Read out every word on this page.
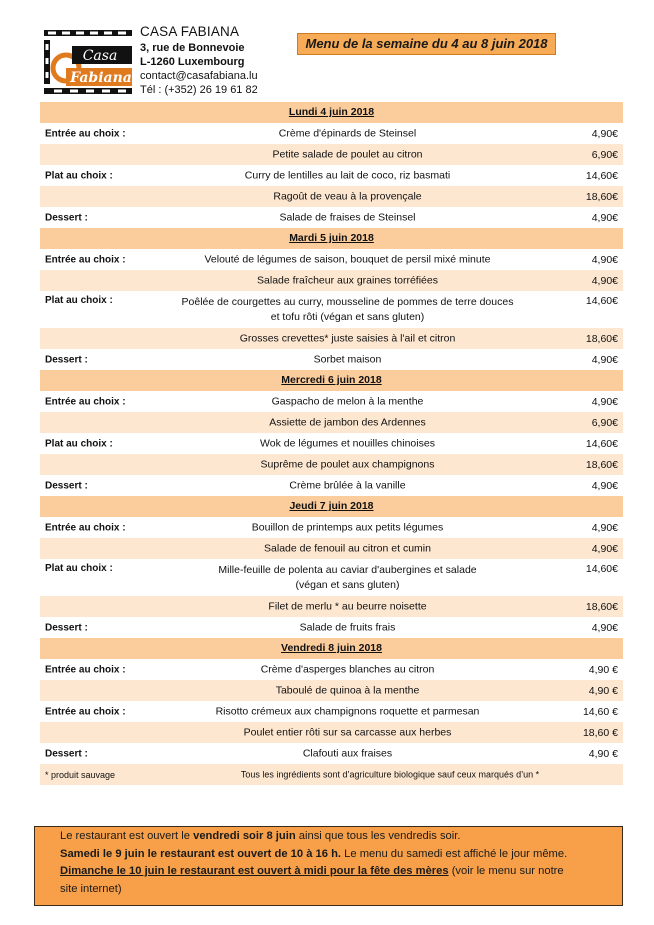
Casa
Fabiana
CASA FABIANA
3, rue de Bonnevoie
L-1260 Luxembourg
contact@casafabiana.lu
Tél : (+352) 26 19 61 82
Menu de la semaine du 4 au 8 juin 2018
Lundi 4 juin 2018
Entrée au choix :	Crème d'épinards de Steinsel	4,90€
Petite salade de poulet au citron	6,90€
Plat au choix :	Curry de lentilles au lait de coco, riz basmati	14,60€
Ragoût de veau à la provençale	18,60€
Dessert :	Salade de fraises de Steinsel	4,90€
Mardi 5 juin 2018
Entrée au choix :	Velouté de légumes de saison, bouquet de persil mixé minute	4,90€
Salade fraîcheur aux graines torréfiées	4,90€
Plat au choix :	Poêlée de courgettes au curry, mousseline de pommes de terre douces
et tofu rôti (végan et sans gluten)
14,60€
Grosses crevettes* juste saisies à l'ail et citron	18,60€
Dessert :	Sorbet maison	4,90€
Mercredi 6 juin 2018
Entrée au choix :	Gaspacho de melon à la menthe	4,90€
Assiette de jambon des Ardennes	6,90€
Plat au choix :	Wok de légumes et nouilles chinoises	14,60€
Suprême de poulet aux champignons	18,60€
Dessert :	Crème brûlée à la vanille	4,90€
Jeudi 7 juin 2018
Entrée au choix :	Bouillon de printemps aux petits légumes	4,90€
Salade de fenouil au citron et cumin	4,90€
Plat au choix :	Mille-feuille de polenta au caviar d'aubergines et salade
(végan et sans gluten)
14,60€
Filet de merlu * au beurre noisette	18,60€
Dessert :	Salade de fruits frais	4,90€
Vendredi 8 juin 2018
Entrée au choix :	Crème d'asperges blanches au citron	4,90 €
Taboulé de quinoa à la menthe	4,90 €
Entrée au choix :	Risotto crémeux aux champignons roquette et parmesan	14,60 €
Poulet entier rôti sur sa carcasse aux herbes	18,60 €
Dessert :	Clafouti aux fraises	4,90 €
* produit sauvage	Tous les ingrédients sont d’agriculture biologique sauf ceux marqués d’un *
Le restaurant est ouvert le vendredi soir 8 juin ainsi que tous les vendredis soir.
Samedi le 9 juin le restaurant est ouvert de 10 à 16 h. Le menu du samedi est affiché le jour même.
Dimanche le 10 juin le restaurant est ouvert à midi pour la fête des mères (voir le menu sur notre
site internet)
